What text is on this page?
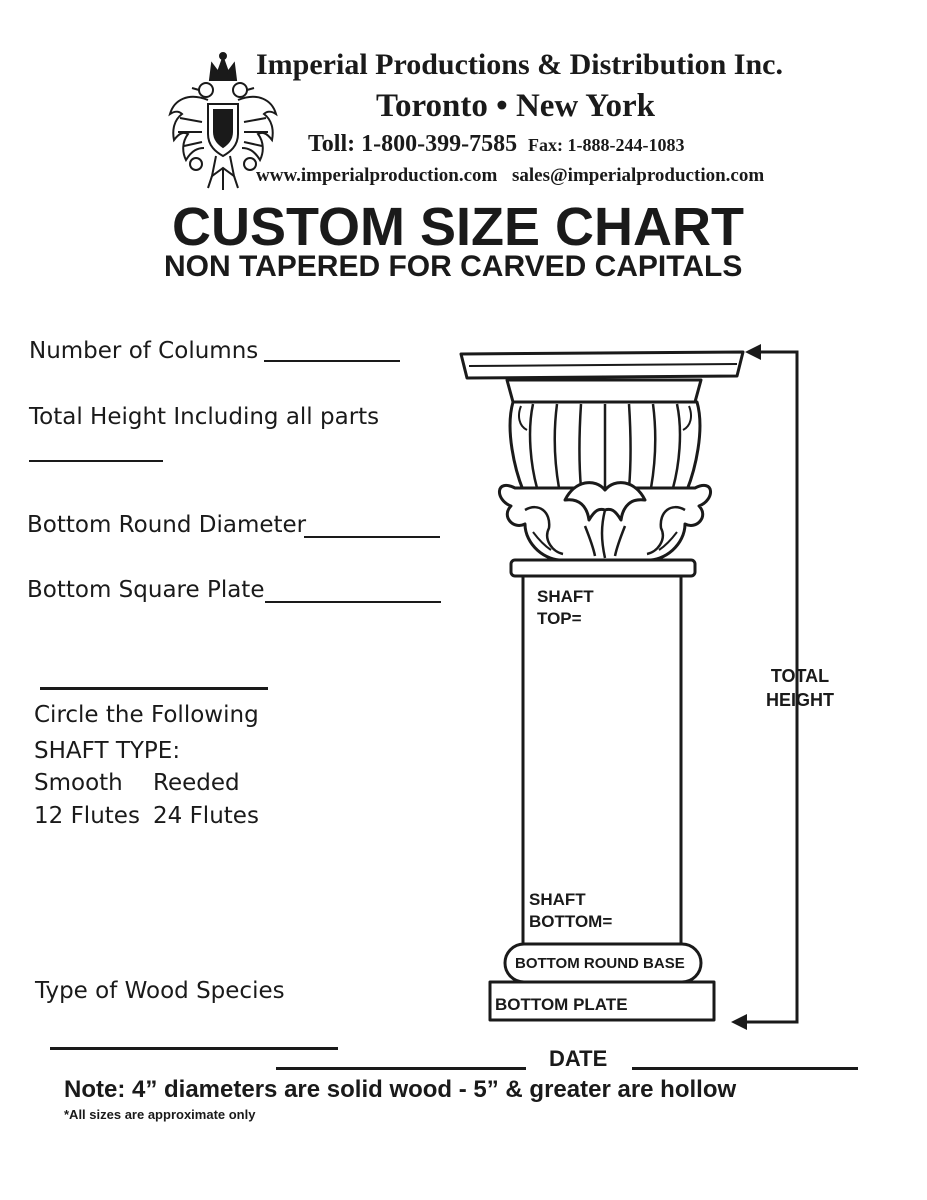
Imperial Productions & Distribution Inc.
Toronto • New York
Toll: 1-800-399-7585 Fax: 1-888-244-1083
www.imperialproduction.com sales@imperialproduction.com
CUSTOM SIZE CHART
NON TAPERED FOR CARVED CAPITALS
Number of Columns
Total Height Including all parts
Bottom Round Diameter
Bottom Square Plate
Circle the Following
SHAFT TYPE:
Smooth Reeded
12 Flutes 24 Flutes
Type of Wood Species
DATE
SHAFT
TOP=
SHAFT
BOTTOM=
BOTTOM ROUND BASE
BOTTOM PLATE
TOTAL
HEIGHT
Note: 4” diameters are solid wood - 5” & greater are hollow
*All sizes are approximate only
